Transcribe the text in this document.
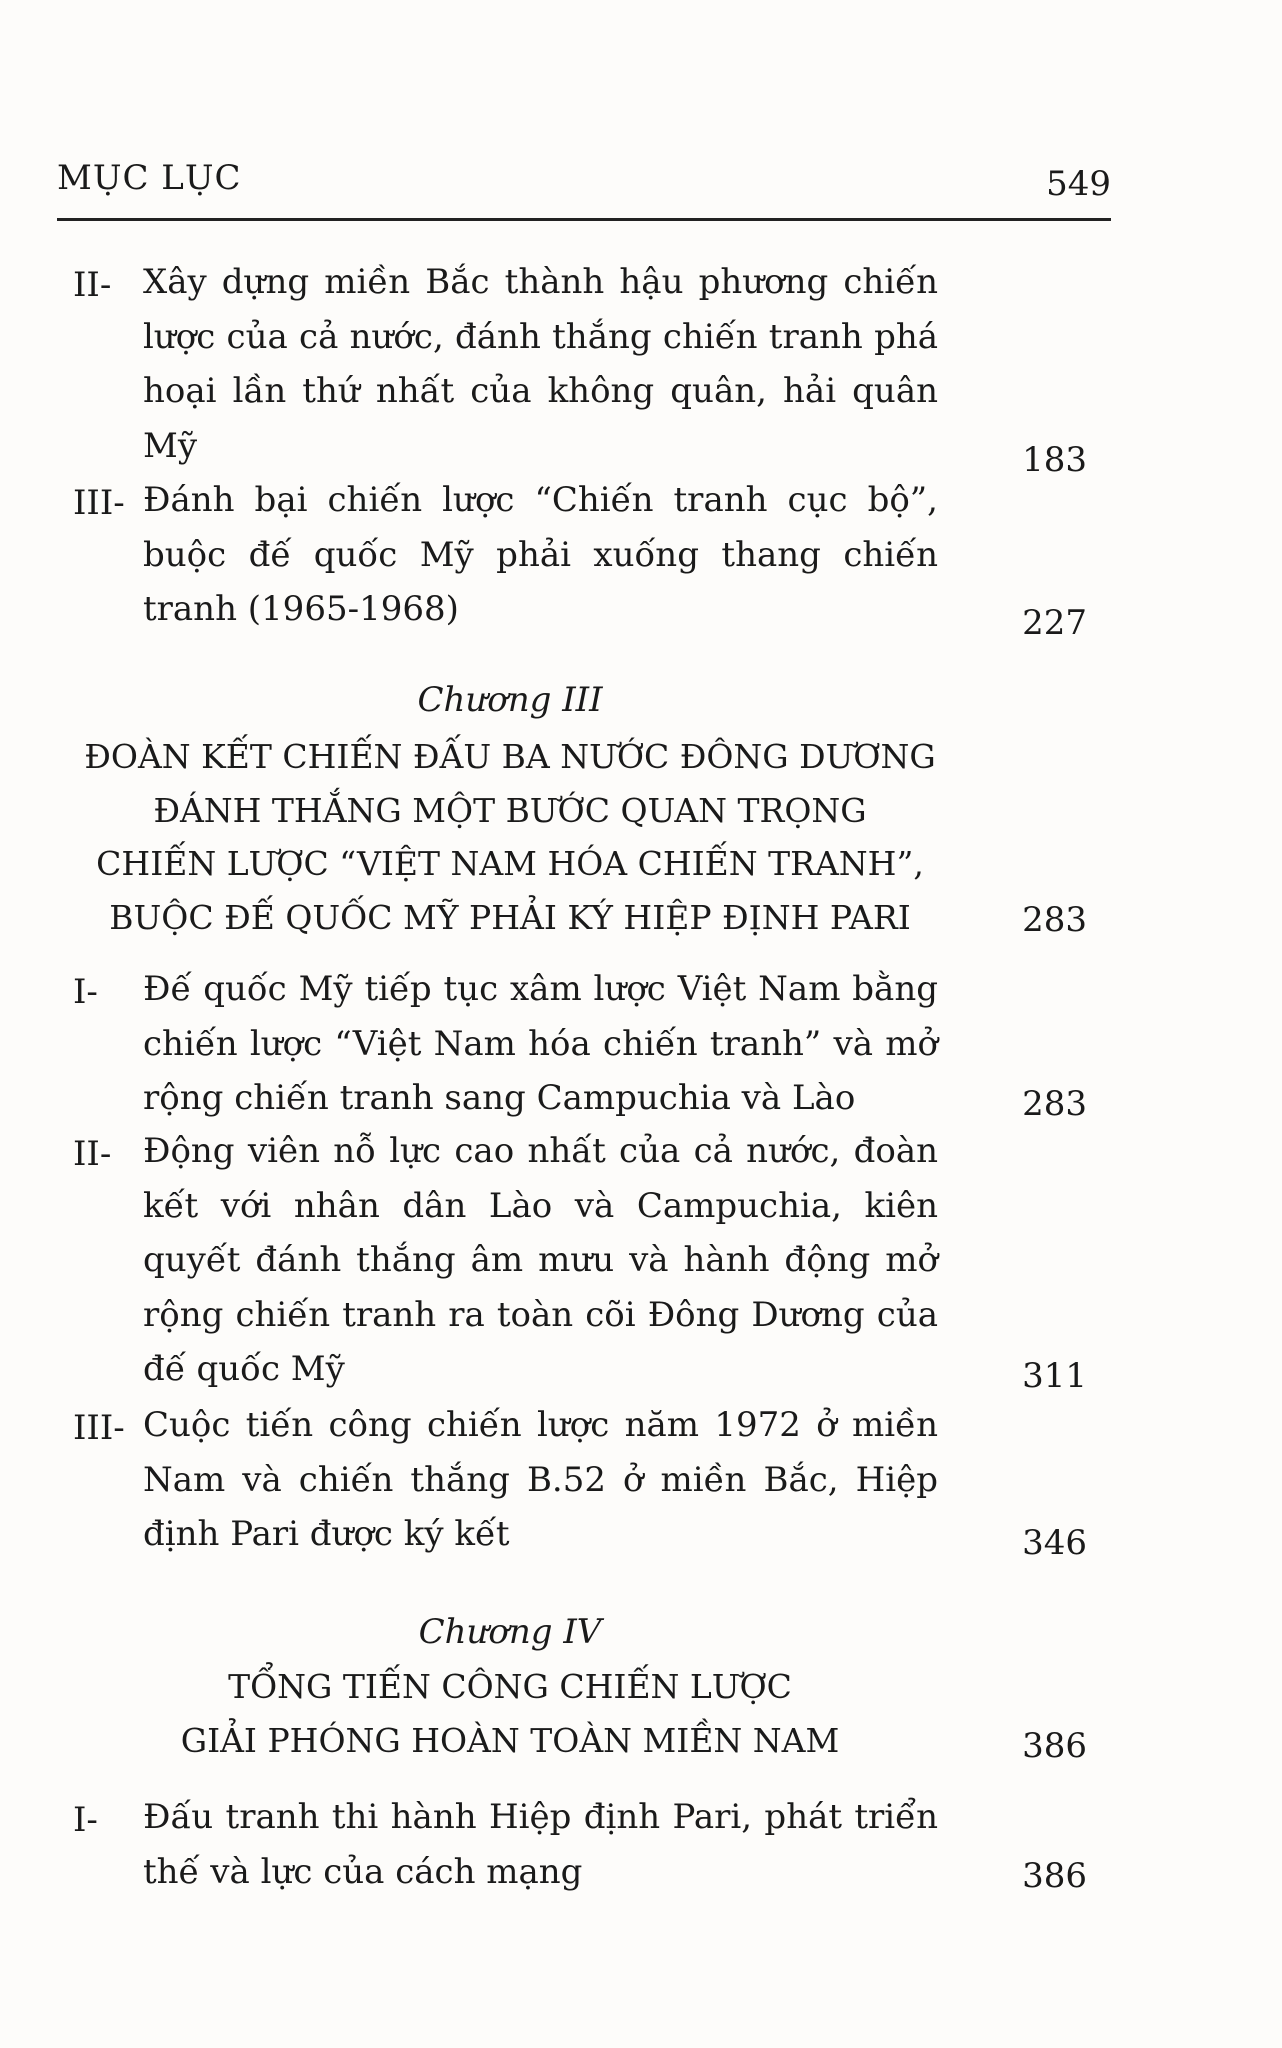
MỤC LỤC	549
II- Xây dựng miền Bắc thành hậu phương chiến lược của cả nước, đánh thắng chiến tranh phá hoại lần thứ nhất của không quân, hải quân Mỹ	183
III- Đánh bại chiến lược “Chiến tranh cục bộ”, buộc đế quốc Mỹ phải xuống thang chiến tranh (1965-1968)	227
Chương III
ĐOÀN KẾT CHIẾN ĐẤU BA NƯỚC ĐÔNG DƯƠNG
ĐÁNH THẮNG MỘT BƯỚC QUAN TRỌNG
CHIẾN LƯỢC “VIỆT NAM HÓA CHIẾN TRANH”,
BUỘC ĐẾ QUỐC MỸ PHẢI KÝ HIỆP ĐỊNH PARI	283
I- Đế quốc Mỹ tiếp tục xâm lược Việt Nam bằng chiến lược “Việt Nam hóa chiến tranh” và mở rộng chiến tranh sang Campuchia và Lào	283
II- Động viên nỗ lực cao nhất của cả nước, đoàn kết với nhân dân Lào và Campuchia, kiên quyết đánh thắng âm mưu và hành động mở rộng chiến tranh ra toàn cõi Đông Dương của đế quốc Mỹ	311
III- Cuộc tiến công chiến lược năm 1972 ở miền Nam và chiến thắng B.52 ở miền Bắc, Hiệp định Pari được ký kết	346
Chương IV
TỔNG TIẾN CÔNG CHIẾN LƯỢC
GIẢI PHÓNG HOÀN TOÀN MIỀN NAM	386
I- Đấu tranh thi hành Hiệp định Pari, phát triển thế và lực của cách mạng	386
